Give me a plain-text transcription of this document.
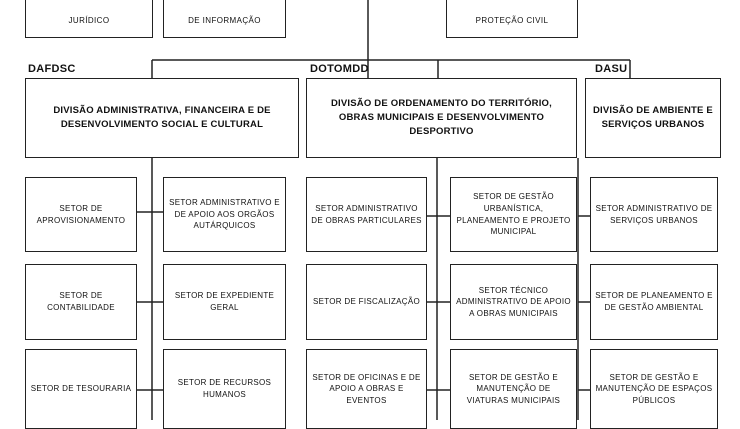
JURÍDICO	DE INFORMAÇÃO	PROTEÇÃO CIVIL
DAFDSC	DOTOMDD	DASU
DIVISÃO ADMINISTRATIVA, FINANCEIRA E DE DESENVOLVIMENTO SOCIAL E CULTURAL
DIVISÃO DE ORDENAMENTO DO TERRITÓRIO, OBRAS MUNICIPAIS E DESENVOLVIMENTO DESPORTIVO
DIVISÃO DE AMBIENTE E SERVIÇOS URBANOS
SETOR DE APROVISIONAMENTO
SETOR DE CONTABILIDADE
SETOR DE TESOURARIA
SETOR ADMINISTRATIVO E DE APOIO AOS ORGÃOS AUTÁRQUICOS
SETOR DE EXPEDIENTE GERAL
SETOR DE RECURSOS HUMANOS
SETOR ADMINISTRATIVO DE OBRAS PARTICULARES
SETOR DE FISCALIZAÇÃO
SETOR DE OFICINAS E DE APOIO A OBRAS E EVENTOS
SETOR DE GESTÃO URBANÍSTICA, PLANEAMENTO E PROJETO MUNICIPAL
SETOR TÉCNICO ADMINISTRATIVO DE APOIO A OBRAS MUNICIPAIS
SETOR DE GESTÃO E MANUTENÇÃO DE VIATURAS MUNICIPAIS
SETOR ADMINISTRATIVO DE SERVIÇOS URBANOS
SETOR DE PLANEAMENTO E DE GESTÃO AMBIENTAL
SETOR DE GESTÃO E MANUTENÇÃO DE ESPAÇOS PÚBLICOS
